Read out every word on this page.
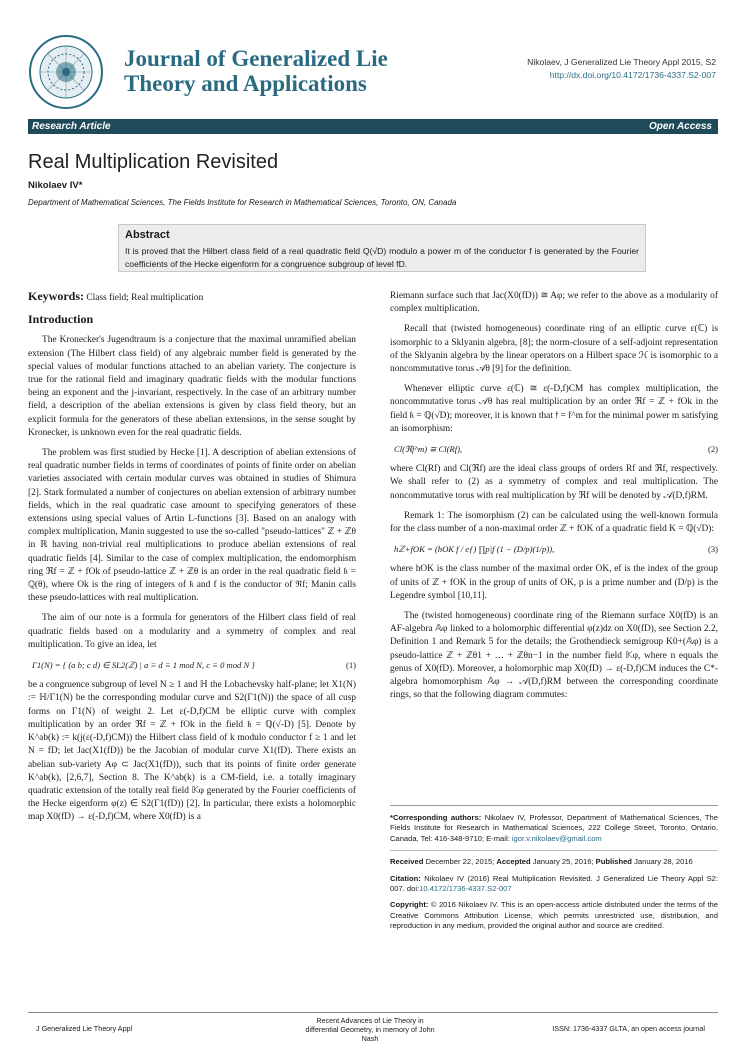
Journal of Generalized Lie
Theory and Applications
Nikolaev, J Generalized Lie Theory Appl 2015, S2
http://dx.doi.org/10.4172/1736-4337.S2-007
Research Article	Open Access
Real Multiplication Revisited
Nikolaev IV*
Department of Mathematical Sciences, The Fields Institute for Research in Mathematical Sciences, Toronto, ON, Canada
Abstract
It is proved that the Hilbert class field of a real quadratic field Q(√D) modulo a power m of the conductor f is generated by the Fourier coefficients of the Hecke eigenform for a congruence subgroup of level fD.
Keywords: Class field; Real multiplication
Introduction

The Kronecker's Jugendtraum is a conjecture that the maximal unramified abelian extension (The Hilbert class field) of any algebraic number field is generated by the special values of modular functions attached to an abelian variety. The conjecture is true for the rational field and imaginary quadratic fields with the modular functions being an exponent and the j-invariant, respectively. In the case of an arbitrary number field, a description of the abelian extensions is given by class field theory, but an explicit formula for the generators of these abelian extensions, in the sense sought by Kronecker, is unknown even for the real quadratic fields.

The problem was first studied by Hecke [1]. A description of abelian extensions of real quadratic number fields in terms of coordinates of points of finite order on abelian varieties associated with certain modular curves was obtained in studies of Shimura [2]. Stark formulated a number of conjectures on abelian extension of arbitrary number fields, which in the real quadratic case amount to specifying generators of these extensions using special values of Artin L-functions [3]. Based on an analogy with complex multiplication, Manin suggested to use the so-called "pseudo-lattices" ℤ + ℤθ in ℝ having non-trivial real multiplications to produce abelian extensions of real quadratic fields [4]. Similar to the case of complex multiplication, the endomorphism ring ℜf = ℤ + fOk of pseudo-lattice ℤ + ℤθ is an order in the real quadratic field 𝔨 = ℚ(θ), where Ok is the ring of integers of 𝔨 and f is the conductor of ℜf; Manin calls these pseudo-lattices with real multiplication.

The aim of our note is a formula for generators of the Hilbert class field of real quadratic fields based on a modularity and a symmetry of complex and real multiplication. To give an idea, let

Γ1(N) = { (a b; c d) ∈ SL2(ℤ) | a ≡ d ≡ 1 mod N, c ≡ 0 mod N }	(1)

be a congruence subgroup of level N ≥ 1 and ℍ the Lobachevsky half-plane; let X1(N) := ℍ/Γ1(N) be the corresponding modular curve and S2(Γ1(N)) the space of all cusp forms on Γ1(N) of weight 2. Let ε(-D,f)CM be elliptic curve with complex multiplication by an order ℜf = ℤ + fOk in the field 𝔨 = ℚ(√-D) [5]. Denote by K^ab(k) := k(j(ε(-D,f)CM)) the Hilbert class field of k modulo conductor f ≥ 1 and let N = fD; let Jac(X1(fD)) be the Jacobian of modular curve X1(fD). There exists an abelian sub-variety Aφ ⊂ Jac(X1(fD)), such that its points of finite order generate K^ab(k), [2,6,7], Section 8. The K^ab(k) is a CM-field, i.e. a totally imaginary quadratic extension of the totally real field 𝕂φ generated by the Fourier coefficients of the Hecke eigenform φ(z) ∈ S2(Γ1(fD)) [2]. In particular, there exists a holomorphic map X0(fD) → ε(-D,f)CM, where X0(fD) is a

Riemann surface such that Jac(X0(fD)) ≅ Aφ; we refer to the above as a modularity of complex multiplication.

Recall that (twisted homogeneous) coordinate ring of an elliptic curve ε(ℂ) is isomorphic to a Sklyanin algebra, [8]; the norm-closure of a self-adjoint representation of the Sklyanin algebra by the linear operators on a Hilbert space ℋ is isomorphic to a noncommutative torus 𝒜θ [9] for the definition.

Whenever elliptic curve ε(ℂ) ≅ ε(-D,f)CM has complex multiplication, the noncommutative torus 𝒜θ has real multiplication by an order ℜf = ℤ + fOk in the field 𝔨 = ℚ(√D); moreover, it is known that 𝔣 = f^m for the minimal power m satisfying an isomorphism:

Cl(ℜf^m) ≅ Cl(Rf),	(2)

where Cl(Rf) and Cl(ℜf) are the ideal class groups of orders Rf and ℜf, respectively. We shall refer to (2) as a symmetry of complex and real multiplication. The noncommutative torus with real multiplication by ℜf will be denoted by 𝒜(D,f)RM.

Remark 1: The isomorphism (2) can be calculated using the well-known formula for the class number of a non-maximal order ℤ + fOK of a quadratic field K = ℚ(√D):

hℤ+fOK = (hOK f / eƒ) ∏p|f (1 − (D/p)(1/p)),	(3)

where hOK is the class number of the maximal order OK, ef is the index of the group of units of ℤ + fOK in the group of units of OK, p is a prime number and (D/p) is the Legendre symbol [10,11].

The (twisted homogeneous) coordinate ring of the Riemann surface X0(fD) is an AF-algebra 𝔸φ linked to a holomorphic differential φ(z)dz on X0(fD), see Section 2.2, Definition 1 and Remark 5 for the details; the Grothendieck semigroup K0+(𝔸φ) is a pseudo-lattice ℤ + ℤθ1 + … + ℤθn−1 in the number field 𝕂φ, where n equals the genus of X0(fD). Moreover, a holomorphic map X0(fD) → ε(-D,f)CM induces the C*-algebra homomorphism 𝔸φ → 𝒜(D,f)RM between the corresponding coordinate rings, so that the following diagram commutes:

*Corresponding authors: Nikolaev IV, Professor, Department of Mathematical Sciences, The Fields Institute for Research in Mathematical Sciences, 222 College Street, Toronto, Ontario, Canada, Tel: 416-348-9710; E-mail: igor.v.nikolaev@gmail.com

Received December 22, 2015; Accepted January 25, 2016; Published January 28, 2016

Citation: Nikolaev IV (2016) Real Multiplication Revisited. J Generalized Lie Theory Appl S2: 007. doi:10.4172/1736-4337.S2-007

Copyright: © 2016 Nikolaev IV. This is an open-access article distributed under the terms of the Creative Commons Attribution License, which permits unrestricted use, distribution, and reproduction in any medium, provided the original author and source are credited.

J Generalized Lie Theory Appl
Recent Advances of Lie Theory in differential Geometry, in memory of John Nash
ISSN: 1736-4337 GLTA, an open access journal
